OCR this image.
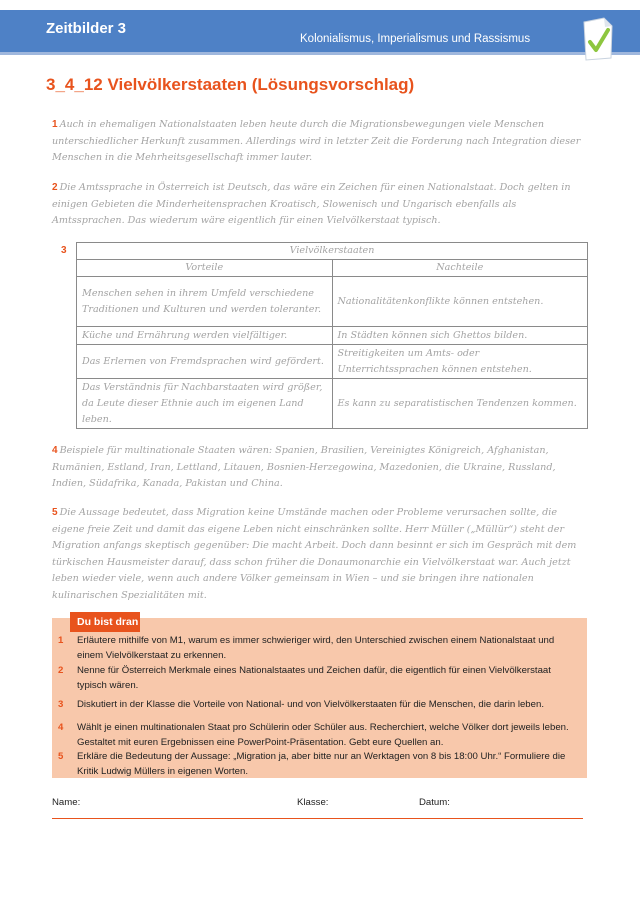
Zeitbilder 3
Kolonialismus, Imperialismus und Rassismus
3_4_12 Vielvölkerstaaten (Lösungsvorschlag)
1 Auch in ehemaligen Nationalstaaten leben heute durch die Migrationsbewegungen viele Menschen unterschiedlicher Herkunft zusammen. Allerdings wird in letzter Zeit die Forderung nach Integration dieser Menschen in die Mehrheitsgesellschaft immer lauter.
2 Die Amtssprache in Österreich ist Deutsch, das wäre ein Zeichen für einen Nationalstaat. Doch gelten in einigen Gebieten die Minderheitensprachen Kroatisch, Slowenisch und Ungarisch ebenfalls als Amtssprachen. Das wiederum wäre eigentlich für einen Vielvölkerstaat typisch.
3	Vielvölkerstaaten	
Vorteile	Nachteile
Menschen sehen in ihrem Umfeld verschiedene Traditionen und Kulturen und werden toleranter.	Nationalitätenkonflikte können entstehen.
Küche und Ernährung werden vielfältiger.	In Städten können sich Ghettos bilden.
Das Erlernen von Fremdsprachen wird gefördert.	Streitigkeiten um Amts- oder Unterrichtssprachen können entstehen.
Das Verständnis für Nachbarstaaten wird größer, da Leute dieser Ethnie auch im eigenen Land leben.	Es kann zu separatistischen Tendenzen kommen.
4 Beispiele für multinationale Staaten wären: Spanien, Brasilien, Vereinigtes Königreich, Afghanistan, Rumänien, Estland, Iran, Lettland, Litauen, Bosnien-Herzegowina, Mazedonien, die Ukraine, Russland, Indien, Südafrika, Kanada, Pakistan und China.
5 Die Aussage bedeutet, dass Migration keine Umstände machen oder Probleme verursachen sollte, die eigene freie Zeit und damit das eigene Leben nicht einschränken sollte. Herr Müller („Müllür“) steht der Migration anfangs skeptisch gegenüber: Die macht Arbeit. Doch dann besinnt er sich im Gespräch mit dem türkischen Hausmeister darauf, dass schon früher die Donaumonarchie ein Vielvölkerstaat war. Auch jetzt leben wieder viele, wenn auch andere Völker gemeinsam in Wien – und sie bringen ihre nationalen kulinarischen Spezialitäten mit.
Du bist dran
1 Erläutere mithilfe von M1, warum es immer schwieriger wird, den Unterschied zwischen einem Nationalstaat und einem Vielvölkerstaat zu erkennen.
2 Nenne für Österreich Merkmale eines Nationalstaates und Zeichen dafür, die eigentlich für einen Vielvölkerstaat typisch wären.
3 Diskutiert in der Klasse die Vorteile von National- und von Vielvölkerstaaten für die Menschen, die darin leben.
4 Wählt je einen multinationalen Staat pro Schülerin oder Schüler aus. Recherchiert, welche Völker dort jeweils leben. Gestaltet mit euren Ergebnissen eine PowerPoint-Präsentation. Gebt eure Quellen an.
5 Erkläre die Bedeutung der Aussage: „Migration ja, aber bitte nur an Werktagen von 8 bis 18:00 Uhr.“ Formuliere die Kritik Ludwig Müllers in eigenen Worten.
Name:	Klasse:	Datum:
